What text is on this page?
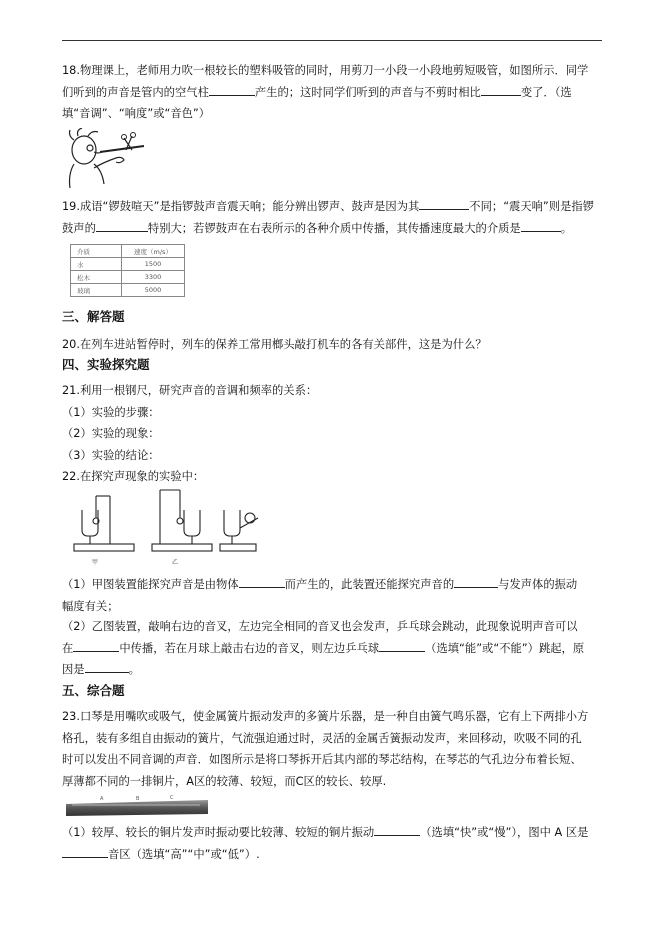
18.物理课上，老师用力吹一根较长的塑料吸管的同时，用剪刀一小段一小段地剪短吸管，如图所示．同学
们听到的声音是管内的空气柱	产生的；这时同学们听到的声音与不剪时相比	变了．（选
填“音调”、“响度”或“音色”）
19.成语“锣鼓喧天”是指锣鼓声音震天响；能分辨出锣声、鼓声是因为其	不同；“震天响”则是指锣
鼓声的	特别大；若锣鼓声在右表所示的各种介质中传播，其传播速度最大的介质是	。
介质	速度（m/s）
水	1500
松木	3300
玻璃	5000
三、解答题
20.在列车进站暂停时，列车的保养工常用榔头敲打机车的各有关部件，这是为什么？
四、实验探究题
21.利用一根钢尺，研究声音的音调和频率的关系：
（1）实验的步骤：
（2）实验的现象：
（3）实验的结论：
22.在探究声现象的实验中：
甲	乙
（1）甲图装置能探究声音是由物体	而产生的，此装置还能探究声音的	与发声体的振动
幅度有关；
（2）乙图装置，敲响右边的音叉，左边完全相同的音叉也会发声，乒乓球会跳动，此现象说明声音可以
在	中传播，若在月球上敲击右边的音叉，则左边乒乓球	（选填“能”或“不能”）跳起，原
因是	。
五、综合题
23.口琴是用嘴吹或吸气，使金属簧片振动发声的多簧片乐器，是一种自由簧气鸣乐器，它有上下两排小方
格孔，装有多组自由振动的簧片，气流强迫通过时，灵活的金属舌簧振动发声，来回移动，吹吸不同的孔
时可以发出不同音调的声音．如图所示是将口琴拆开后其内部的琴芯结构，在琴芯的气孔边分布着长短、
厚薄都不同的一排铜片，A区的较薄、较短，而C区的较长、较厚.
A	B	C
（1）较厚、较长的铜片发声时振动要比较薄、较短的铜片振动	（选填“快”或“慢”），图中 A 区是
音区（选填“高”“中”或“低”）.
